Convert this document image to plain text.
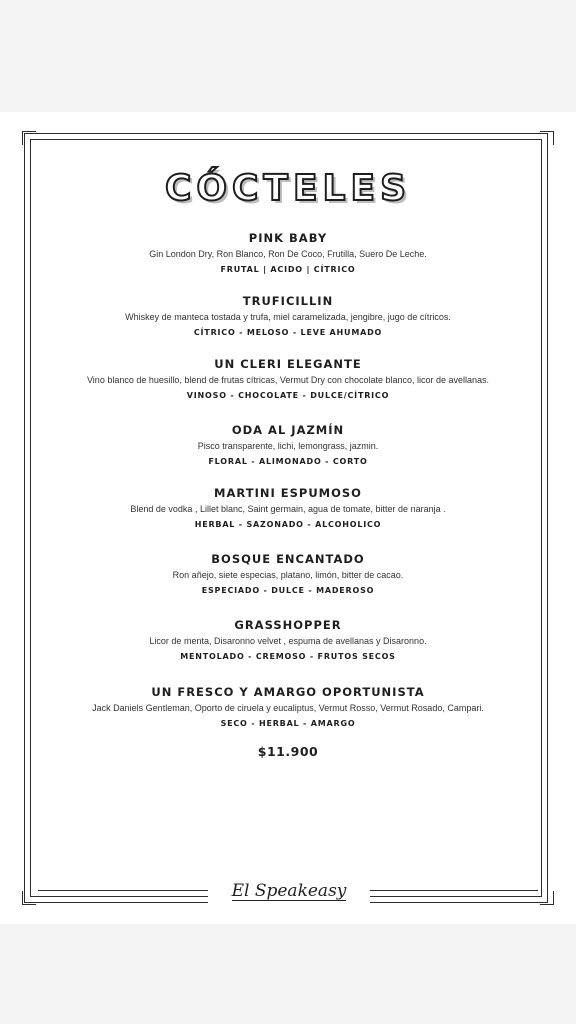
CÓCTELES
PINK BABY
Gin London Dry, Ron Blanco, Ron De Coco, Frutilla, Suero De Leche.
FRUTAL | ACIDO | CÍTRICO
TRUFICILLIN
Whiskey de manteca tostada y trufa, miel caramelizada, jengibre, jugo de cítricos.
CÍTRICO - MELOSO - LEVE AHUMADO
UN CLERI ELEGANTE
Vino blanco de huesillo, blend de frutas cítricas, Vermut Dry con chocolate blanco, licor de avellanas.
VINOSO - CHOCOLATE - DULCE/CÍTRICO
ODA AL JAZMÍN
Pisco transparente, lichi, lemongrass, jazmin.
FLORAL - ALIMONADO - CORTO
MARTINI ESPUMOSO
Blend de vodka , Lillet blanc, Saint germain, agua de tomate, bitter de naranja .
HERBAL - SAZONADO - ALCOHOLICO
BOSQUE ENCANTADO
Ron añejo, siete especias, platano, limón, bitter de cacao.
ESPECIADO - DULCE - MADEROSO
GRASSHOPPER
Licor de menta, Disaronno velvet , espuma de avellanas y Disaronno.
MENTOLADO - CREMOSO - FRUTOS SECOS
UN FRESCO Y AMARGO OPORTUNISTA
Jack Daniels Gentleman, Oporto de ciruela y eucaliptus, Vermut Rosso, Vermut Rosado, Campari.
SECO - HERBAL - AMARGO
$11.900
El Speakeasy
